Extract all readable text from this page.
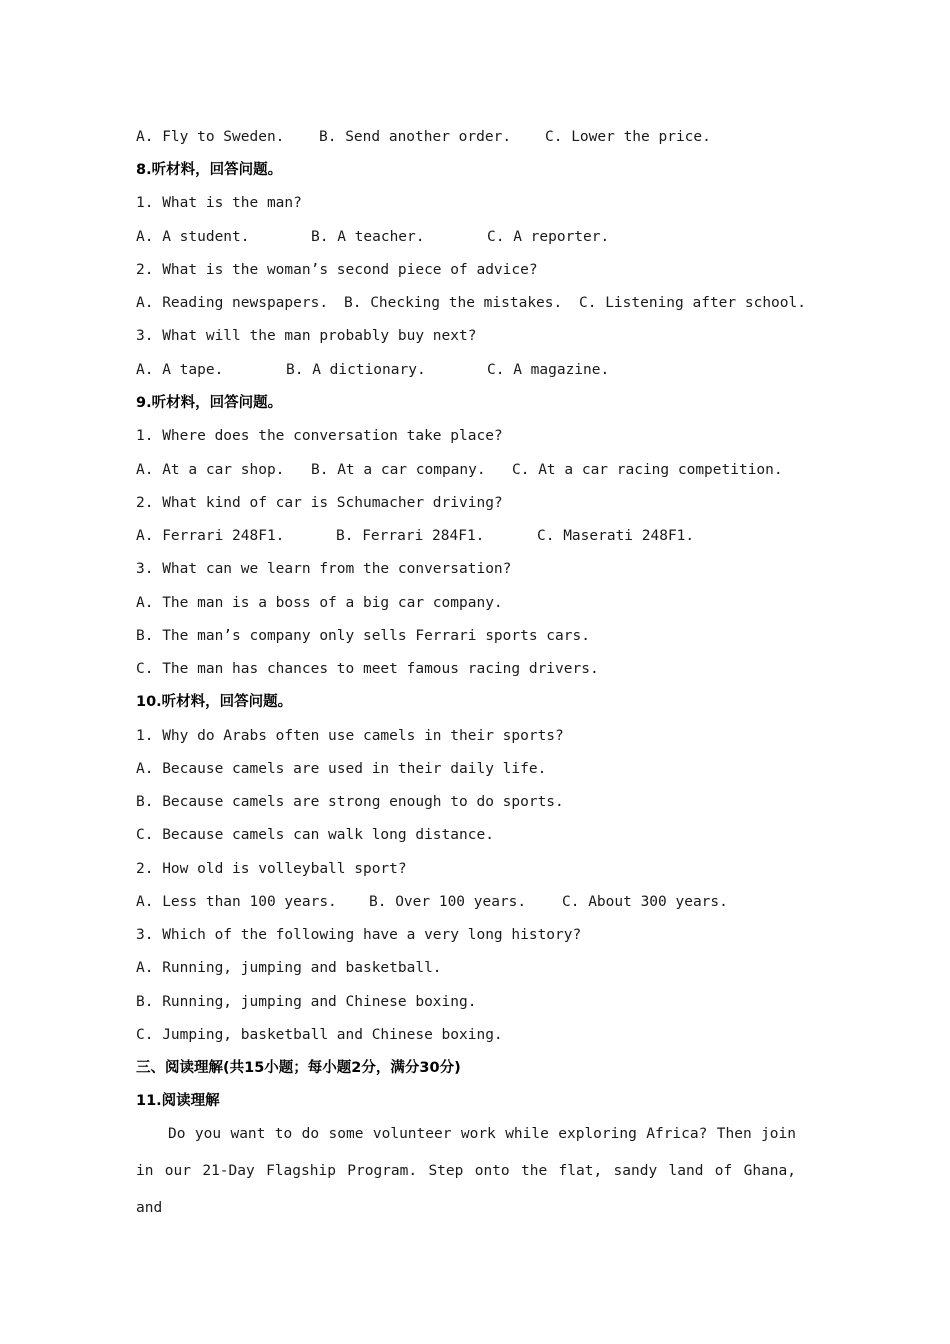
A. Fly to Sweden. B. Send another order. C. Lower the price.
8.听材料，回答问题。
1. What is the man?
A. A student.	B. A teacher.	C. A reporter.
2. What is the woman’s second piece of advice?
A. Reading newspapers. B. Checking the mistakes. C. Listening after school.
3. What will the man probably buy next?
A. A tape.	B. A dictionary.	C. A magazine.
9.听材料，回答问题。
1. Where does the conversation take place?
A. At a car shop. B. At a car company. C. At a car racing competition.
2. What kind of car is Schumacher driving?
A. Ferrari 248F1.	B. Ferrari 284F1.	C. Maserati 248F1.
3. What can we learn from the conversation?
A. The man is a boss of a big car company.
B. The man’s company only sells Ferrari sports cars.
C. The man has chances to meet famous racing drivers.
10.听材料，回答问题。
1. Why do Arabs often use camels in their sports?
A. Because camels are used in their daily life.
B. Because camels are strong enough to do sports.
C. Because camels can walk long distance.
2. How old is volleyball sport?
A. Less than 100 years. B. Over 100 years. C. About 300 years.
3. Which of the following have a very long history?
A. Running, jumping and basketball.
B. Running, jumping and Chinese boxing.
C. Jumping, basketball and Chinese boxing.
三、阅读理解(共15小题；每小题2分，满分30分)
11.阅读理解
Do you want to do some volunteer work while exploring Africa? Then join in our 21-Day Flagship Program. Step onto the flat, sandy land of Ghana, and
